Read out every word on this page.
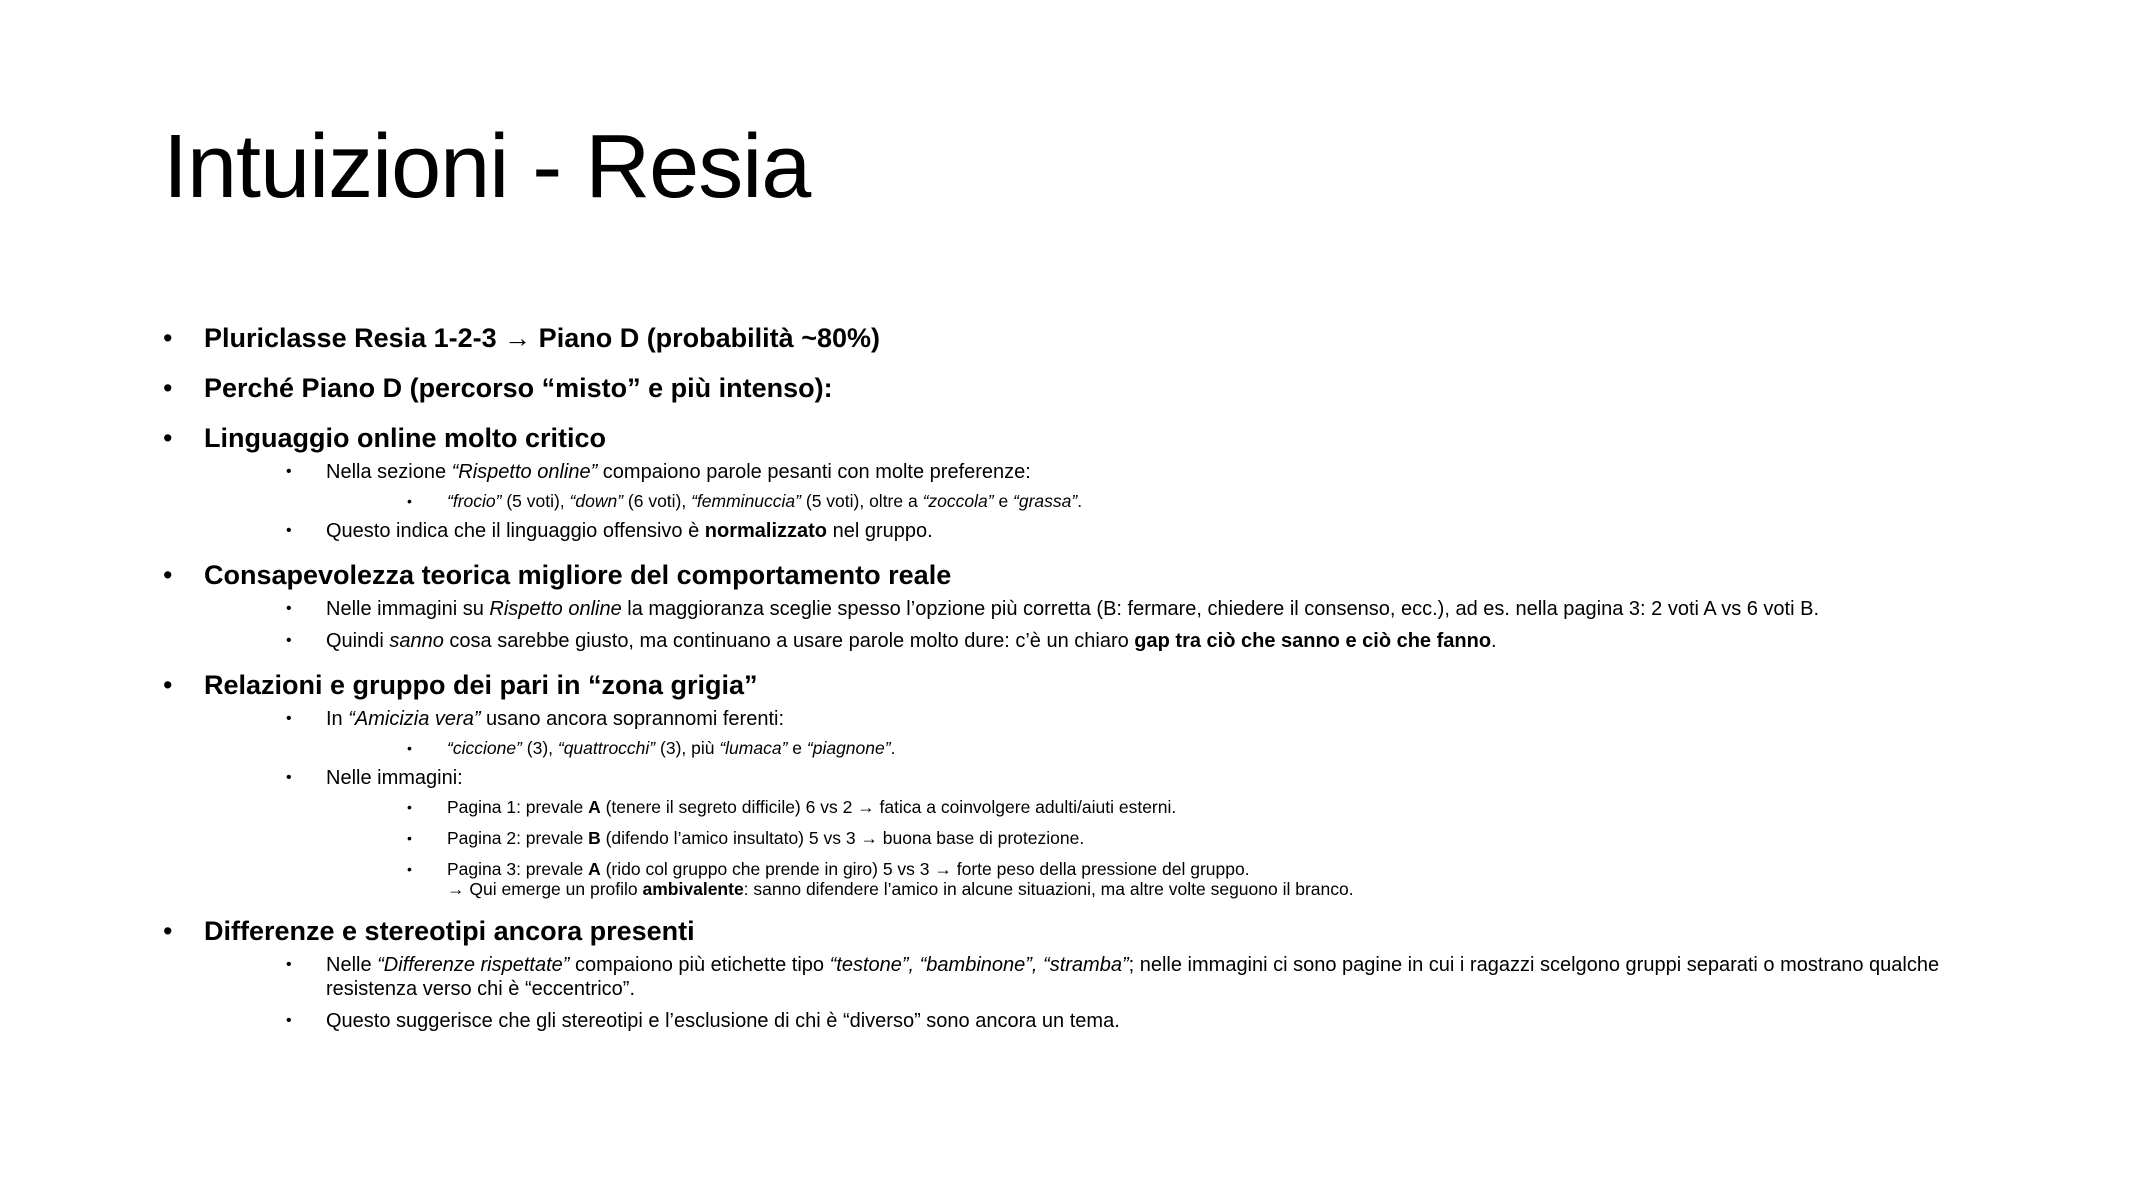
Intuizioni - Resia
• Pluriclasse Resia 1-2-3 → Piano D (probabilità ~80%)
• Perché Piano D (percorso “misto” e più intenso):
• Linguaggio online molto critico
• Nella sezione “Rispetto online” compaiono parole pesanti con molte preferenze:
• “frocio” (5 voti), “down” (6 voti), “femminuccia” (5 voti), oltre a “zoccola” e “grassa”.
• Questo indica che il linguaggio offensivo è normalizzato nel gruppo.
• Consapevolezza teorica migliore del comportamento reale
• Nelle immagini su Rispetto online la maggioranza sceglie spesso l’opzione più corretta (B: fermare, chiedere il consenso, ecc.), ad es. nella pagina 3: 2 voti A vs 6 voti B.
• Quindi sanno cosa sarebbe giusto, ma continuano a usare parole molto dure: c’è un chiaro gap tra ciò che sanno e ciò che fanno.
• Relazioni e gruppo dei pari in “zona grigia”
• In “Amicizia vera” usano ancora soprannomi ferenti:
• “ciccione” (3), “quattrocchi” (3), più “lumaca” e “piagnone”.
• Nelle immagini:
• Pagina 1: prevale A (tenere il segreto difficile) 6 vs 2 → fatica a coinvolgere adulti/aiuti esterni.
• Pagina 2: prevale B (difendo l’amico insultato) 5 vs 3 → buona base di protezione.
• Pagina 3: prevale A (rido col gruppo che prende in giro) 5 vs 3 → forte peso della pressione del gruppo.
→ Qui emerge un profilo ambivalente: sanno difendere l’amico in alcune situazioni, ma altre volte seguono il branco.
• Differenze e stereotipi ancora presenti
• Nelle “Differenze rispettate” compaiono più etichette tipo “testone”, “bambinone”, “stramba”; nelle immagini ci sono pagine in cui i ragazzi scelgono gruppi separati o mostrano qualche resistenza verso chi è “eccentrico”.
• Questo suggerisce che gli stereotipi e l’esclusione di chi è “diverso” sono ancora un tema.
